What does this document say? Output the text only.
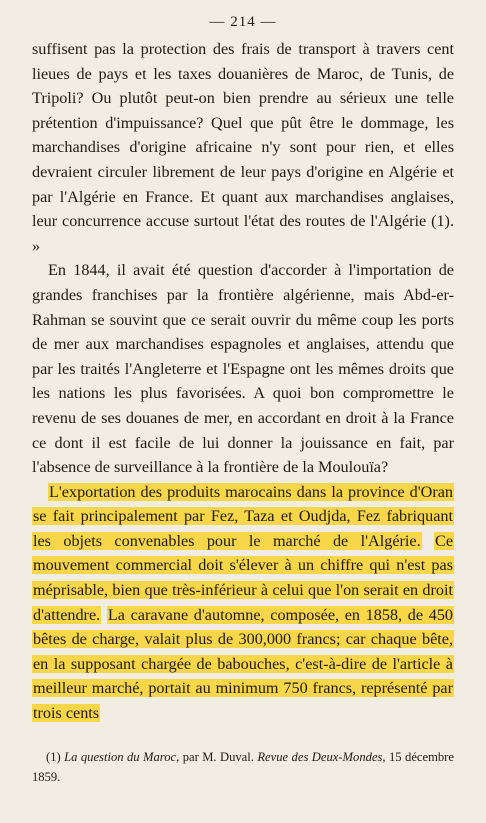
— 214 —

suffisent pas la protection des frais de transport à travers cent lieues de pays et les taxes douanières de Maroc, de Tunis, de Tripoli? Ou plutôt peut-on bien prendre au sérieux une telle prétention d'impuissance? Quel que pût être le dommage, les marchandises d'origine africaine n'y sont pour rien, et elles devraient circuler librement de leur pays d'origine en Algérie et par l'Algérie en France. Et quant aux marchandises anglaises, leur concurrence accuse surtout l'état des routes de l'Algérie (1). »

En 1844, il avait été question d'accorder à l'importation de grandes franchises par la frontière algérienne, mais Abd-er-Rahman se souvint que ce serait ouvrir du même coup les ports de mer aux marchandises espagnoles et anglaises, attendu que par les traités l'Angleterre et l'Espagne ont les mêmes droits que les nations les plus favorisées. A quoi bon compromettre le revenu de ses douanes de mer, en accordant en droit à la France ce dont il est facile de lui donner la jouissance en fait, par l'absence de surveillance à la frontière de la Moulouïa?

L'exportation des produits marocains dans la province d'Oran se fait principalement par Fez, Taza et Oudjda, Fez fabriquant les objets convenables pour le marché de l'Algérie. Ce mouvement commercial doit s'élever à un chiffre qui n'est pas méprisable, bien que très-inférieur à celui que l'on serait en droit d'attendre. La caravane d'automne, composée, en 1858, de 450 bêtes de charge, valait plus de 300,000 francs; car chaque bête, en la supposant chargée de babouches, c'est-à-dire de l'article à meilleur marché, portait au minimum 750 francs, représenté par trois cents

(1) La question du Maroc, par M. Duval. Revue des Deux-Mondes, 15 décembre 1859.
